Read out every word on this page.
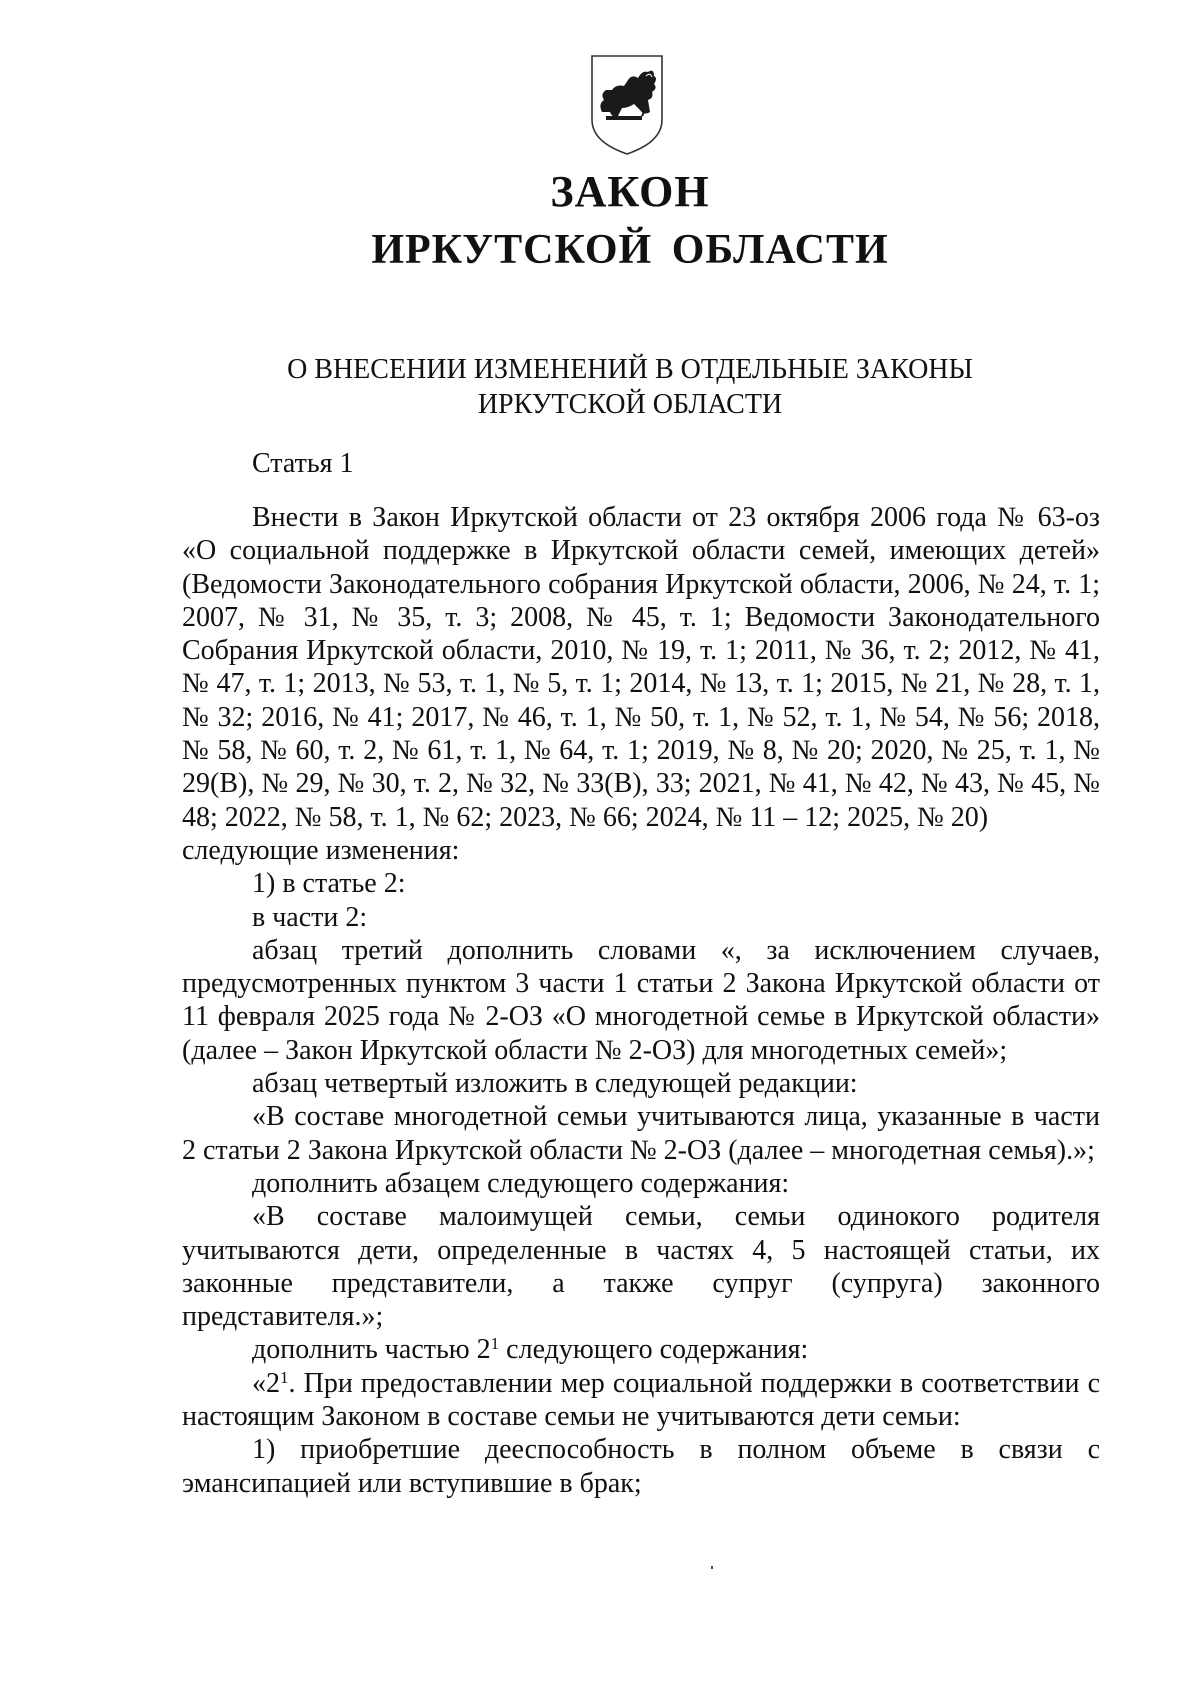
ЗАКОН
ИРКУТСКОЙ ОБЛАСТИ
О ВНЕСЕНИИ ИЗМЕНЕНИЙ В ОТДЕЛЬНЫЕ ЗАКОНЫ
ИРКУТСКОЙ ОБЛАСТИ
Статья 1

Внести в Закон Иркутской области от 23 октября 2006 года № 63-оз «О социальной поддержке в Иркутской области семей, имеющих детей» (Ведомости Законодательного собрания Иркутской области, 2006, № 24, т. 1; 2007, № 31, № 35, т. 3; 2008, № 45, т. 1; Ведомости Законодательного Собрания Иркутской области, 2010, № 19, т. 1; 2011, № 36, т. 2; 2012, № 41, № 47, т. 1; 2013, № 53, т. 1, № 5, т. 1; 2014, № 13, т. 1; 2015, № 21, № 28, т. 1, № 32; 2016, № 41; 2017, № 46, т. 1, № 50, т. 1, № 52, т. 1, № 54, № 56; 2018, № 58, № 60, т. 2, № 61, т. 1, № 64, т. 1; 2019, № 8, № 20; 2020, № 25, т. 1, № 29(В), № 29, № 30, т. 2, № 32, № 33(В), 33; 2021, № 41, № 42, № 43, № 45, № 48; 2022, № 58, т. 1, № 62; 2023, № 66; 2024, № 11 – 12; 2025, № 20)

следующие изменения:

1) в статье 2:

в части 2:

абзац третий дополнить словами «, за исключением случаев, предусмотренных пунктом 3 части 1 статьи 2 Закона Иркутской области от 11 февраля 2025 года № 2-ОЗ «О многодетной семье в Иркутской области» (далее – Закон Иркутской области № 2-ОЗ) для многодетных семей»;

абзац четвертый изложить в следующей редакции:

«В составе многодетной семьи учитываются лица, указанные в части 2 статьи 2 Закона Иркутской области № 2-ОЗ (далее – многодетная семья).»;

дополнить абзацем следующего содержания:

«В составе малоимущей семьи, семьи одинокого родителя учитываются дети, определенные в частях 4, 5 настоящей статьи, их законные представители, а также супруг (супруга) законного представителя.»;

дополнить частью $2^1$ следующего содержания:

«$2^1$. При предоставлении мер социальной поддержки в соответствии с настоящим Законом в составе семьи не учитываются дети семьи:

1) приобретшие дееспособность в полном объеме в связи с эмансипацией или вступившие в брак;
